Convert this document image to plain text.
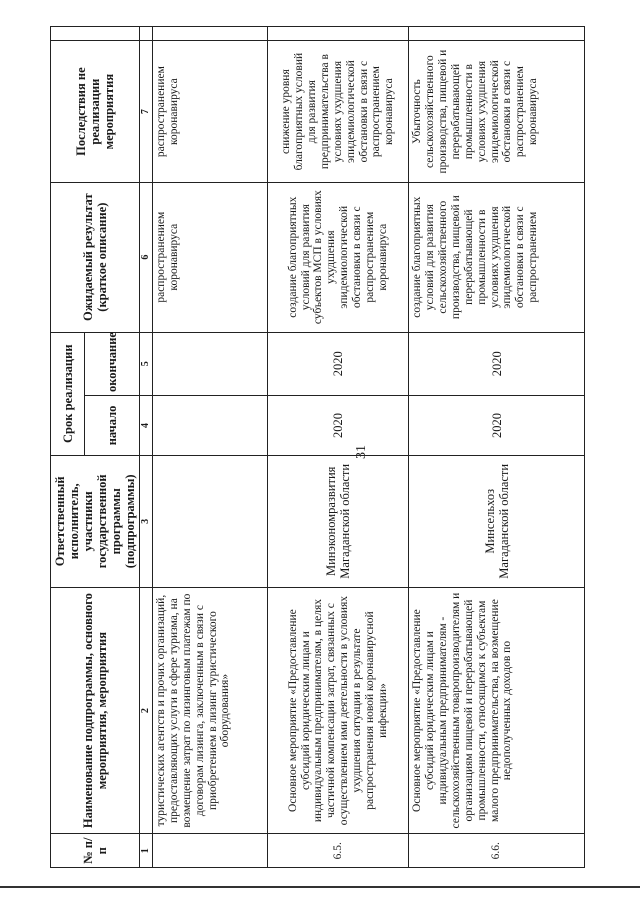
31
№ п/п	Наименование подпрограммы, основного мероприятия, мероприятия	Ответственный исполнитель, участники государственной программы (подпрограммы)	Срок реализации		Ожидаемый результат (краткое описание)	Последствия не реализации мероприятия	
			начало	окончание			
1	2	3	4	5	6	7	
	туристических агентств и прочих организаций, предоставляющих услуги в сфере туризма, на возмещение затрат по лизинговым платежам по договорам лизинга, заключенным в связи с приобретением в лизинг туристического оборудования»				распространением коронавируса	распространением коронавируса	
6.5.	Основное мероприятие «Предоставление субсидий юридическим лицам и индивидуальным предпринимателям, в целях частичной компенсации затрат, связанных с осуществлением ими деятельности в условиях ухудшения ситуации в результате распространения новой коронавирусной инфекции»	Минэкономразвития Магаданской области	2020	2020	создание благоприятных условий для развития субъектов МСП в условиях ухудшения эпидемиологической обстановки в связи с распространением коронавируса	снижение уровня благоприятных условий для развития предпринимательства в условиях ухудшения эпидемиологической обстановки в связи с распространением коронавируса	
6.6.	Основное мероприятие «Предоставление субсидий юридическим лицам и индивидуальным предпринимателям - сельскохозяйственным товаропроизводителям и организациям пищевой и перерабатывающей промышленности, относящимся к субъектам малого предпринимательства, на возмещение недополученных доходов по	Минсельхоз Магаданской области	2020	2020	создание благоприятных условий для развития сельскохозяйственного производства, пищевой и перерабатывающей промышленности в условиях ухудшения эпидемиологической обстановки в связи с распространением	Убыточность сельскохозяйственного производства, пищевой и перерабатывающей промышленности в условиях ухудшения эпидемиологической обстановки в связи с распространением коронавируса	
